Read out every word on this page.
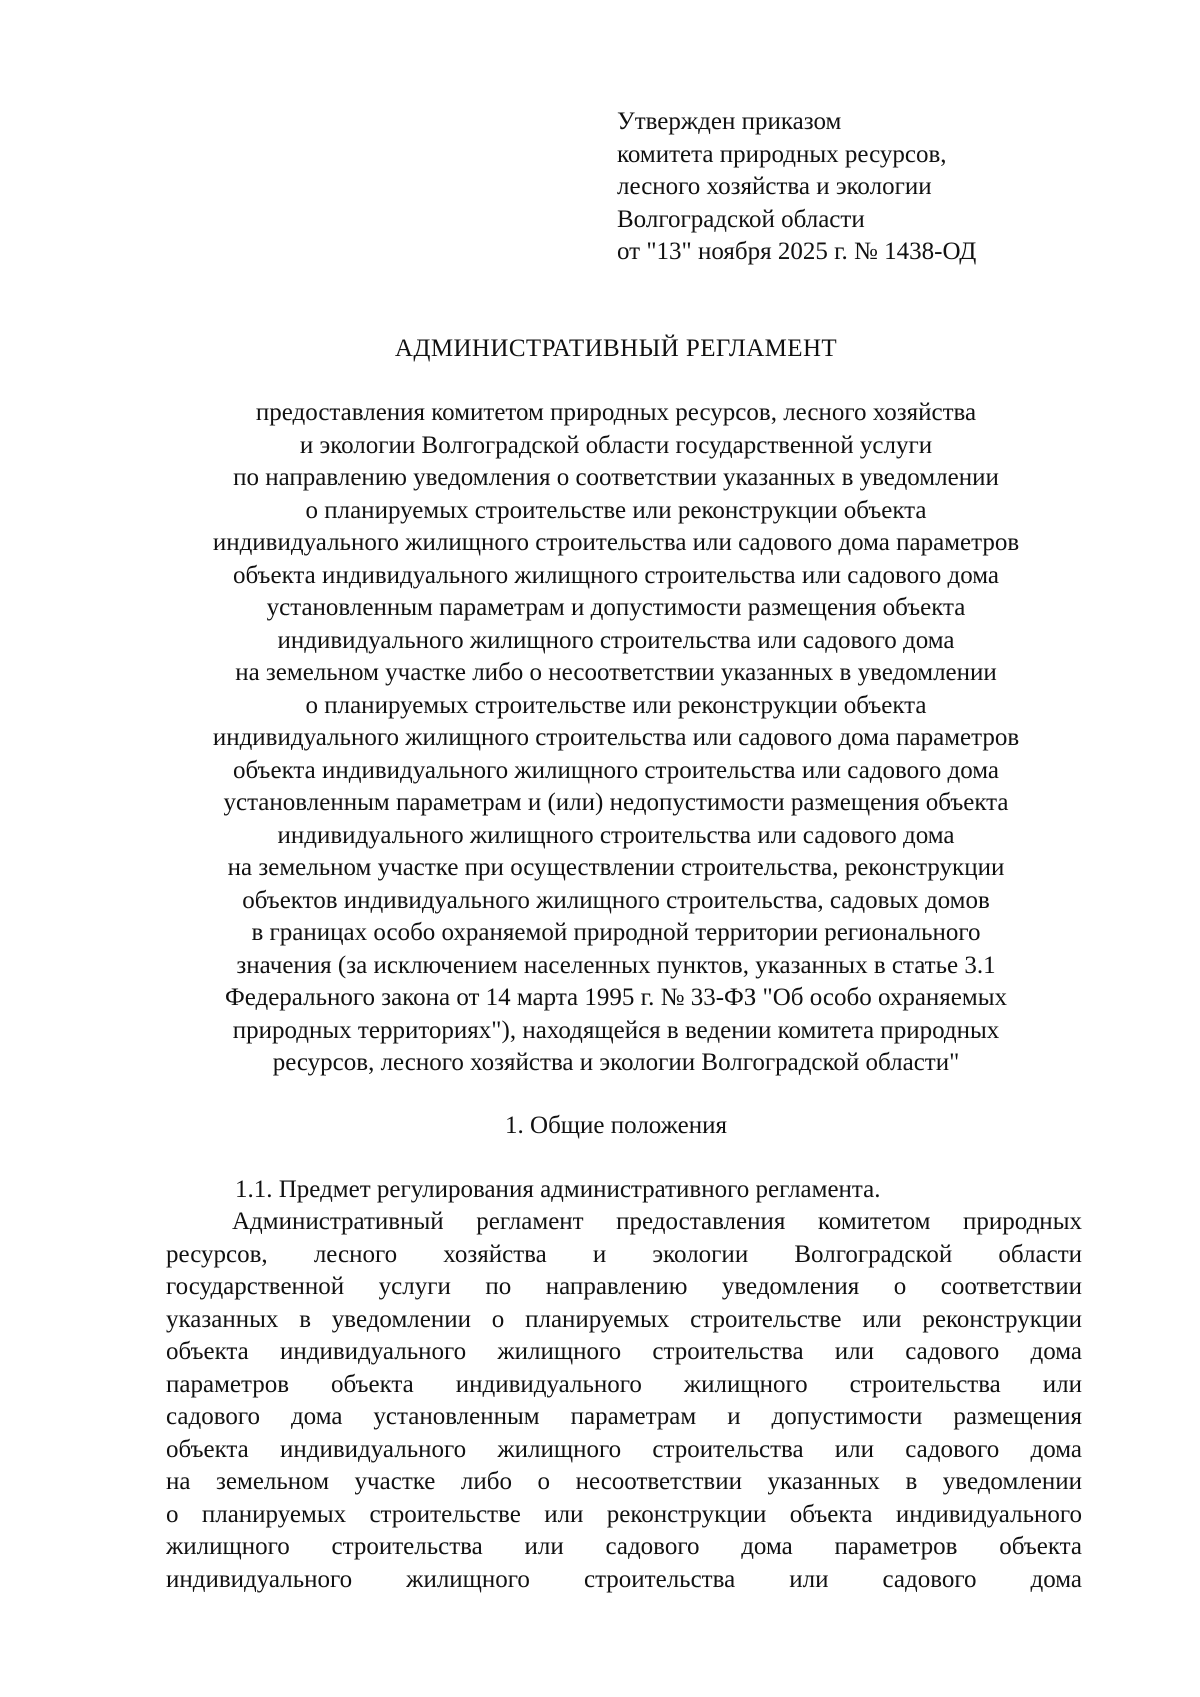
Утвержден приказом
комитета природных ресурсов,
лесного хозяйства и экологии
Волгоградской области
от "13" ноября 2025 г. № 1438-ОД
АДМИНИСТРАТИВНЫЙ РЕГЛАМЕНТ
предоставления комитетом природных ресурсов, лесного хозяйства
и экологии Волгоградской области государственной услуги
по направлению уведомления о соответствии указанных в уведомлении
о планируемых строительстве или реконструкции объекта
индивидуального жилищного строительства или садового дома параметров
объекта индивидуального жилищного строительства или садового дома
установленным параметрам и допустимости размещения объекта
индивидуального жилищного строительства или садового дома
на земельном участке либо о несоответствии указанных в уведомлении
о планируемых строительстве или реконструкции объекта
индивидуального жилищного строительства или садового дома параметров
объекта индивидуального жилищного строительства или садового дома
установленным параметрам и (или) недопустимости размещения объекта
индивидуального жилищного строительства или садового дома
на земельном участке при осуществлении строительства, реконструкции
объектов индивидуального жилищного строительства, садовых домов
в границах особо охраняемой природной территории регионального
значения (за исключением населенных пунктов, указанных в статье 3.1
Федерального закона от 14 марта 1995 г. № 33-ФЗ "Об особо охраняемых
природных территориях"), находящейся в ведении комитета природных
ресурсов, лесного хозяйства и экологии Волгоградской области"
1. Общие положения
1.1. Предмет регулирования административного регламента.
Административный регламент предоставления комитетом природных
ресурсов, лесного хозяйства и экологии Волгоградской области
государственной услуги по направлению уведомления о соответствии
указанных в уведомлении о планируемых строительстве или реконструкции
объекта индивидуального жилищного строительства или садового дома
параметров объекта индивидуального жилищного строительства или
садового дома установленным параметрам и допустимости размещения
объекта индивидуального жилищного строительства или садового дома
на земельном участке либо о несоответствии указанных в уведомлении
о планируемых строительстве или реконструкции объекта индивидуального
жилищного строительства или садового дома параметров объекта
индивидуального жилищного строительства или садового дома
